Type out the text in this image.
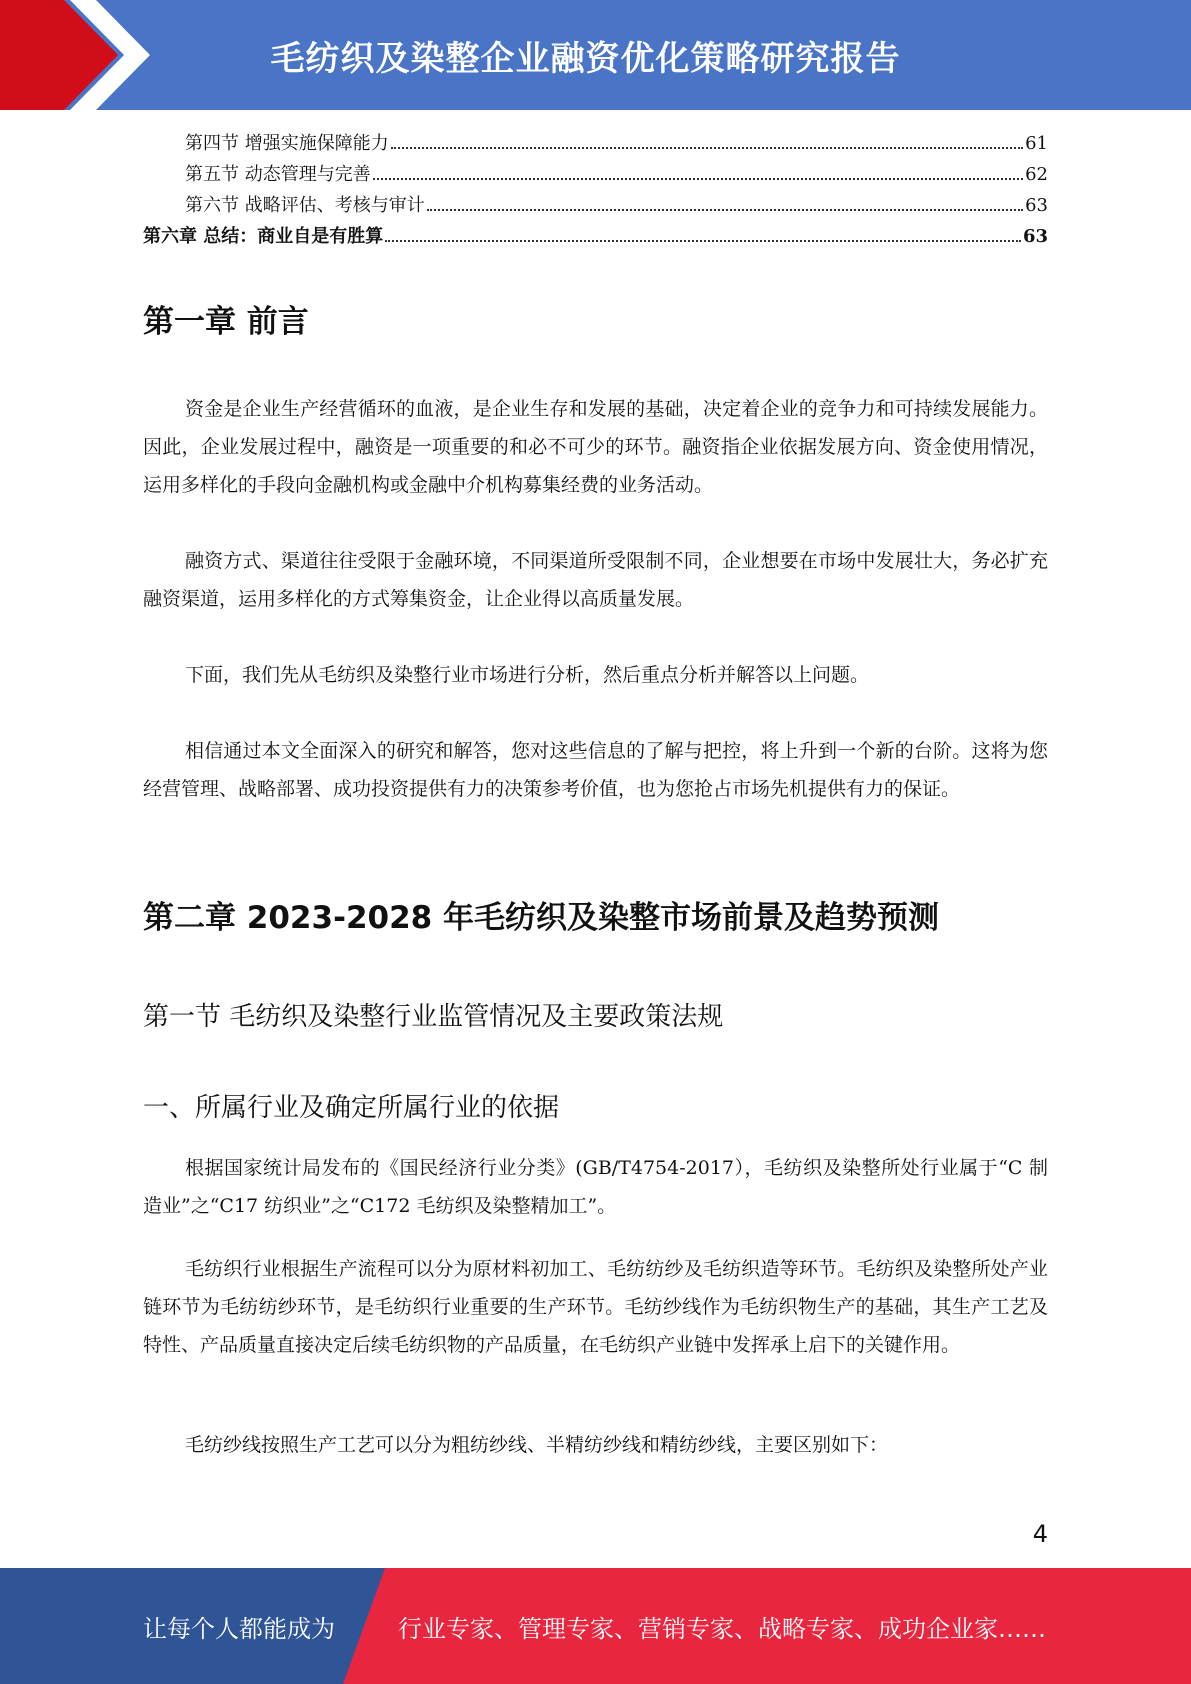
毛纺织及染整企业融资优化策略研究报告
第四节 增强实施保障能力	61
第五节 动态管理与完善	62
第六节 战略评估、考核与审计	63
第六章 总结：商业自是有胜算	63
第一章 前言

资金是企业生产经营循环的血液，是企业生存和发展的基础，决定着企业的竞争力和可持续发展能力。因此，企业发展过程中，融资是一项重要的和必不可少的环节。融资指企业依据发展方向、资金使用情况，运用多样化的手段向金融机构或金融中介机构募集经费的业务活动。

融资方式、渠道往往受限于金融环境，不同渠道所受限制不同，企业想要在市场中发展壮大，务必扩充融资渠道，运用多样化的方式筹集资金，让企业得以高质量发展。

下面，我们先从毛纺织及染整行业市场进行分析，然后重点分析并解答以上问题。

相信通过本文全面深入的研究和解答，您对这些信息的了解与把控，将上升到一个新的台阶。这将为您经营管理、战略部署、成功投资提供有力的决策参考价值，也为您抢占市场先机提供有力的保证。

第二章 2023-2028 年毛纺织及染整市场前景及趋势预测
第一节 毛纺织及染整行业监管情况及主要政策法规
一、所属行业及确定所属行业的依据

根据国家统计局发布的《国民经济行业分类》(GB/T4754-2017），毛纺织及染整所处行业属于“C 制造业”之“C17 纺织业”之“C172 毛纺织及染整精加工”。

毛纺织行业根据生产流程可以分为原材料初加工、毛纺纺纱及毛纺织造等环节。毛纺织及染整所处产业链环节为毛纺纺纱环节，是毛纺织行业重要的生产环节。毛纺纱线作为毛纺织物生产的基础，其生产工艺及特性、产品质量直接决定后续毛纺织物的产品质量，在毛纺织产业链中发挥承上启下的关键作用。

毛纺纱线按照生产工艺可以分为粗纺纱线、半精纺纱线和精纺纱线，主要区别如下：

4
让每个人都能成为	行业专家、管理专家、营销专家、战略专家、成功企业家……
